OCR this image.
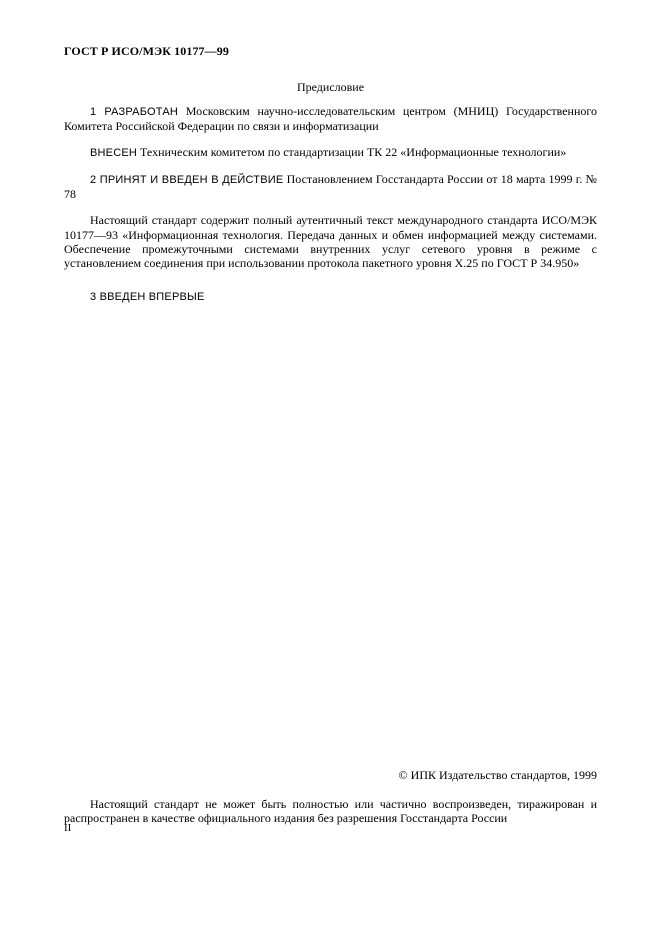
ГОСТ Р ИСО/МЭК 10177—99
Предисловие
1 РАЗРАБОТАН Московским научно-исследовательским центром (МНИЦ) Государственного Комитета Российской Федерации по связи и информатизации
ВНЕСЕН Техническим комитетом по стандартизации ТК 22 «Информационные технологии»
2 ПРИНЯТ И ВВЕДЕН В ДЕЙСТВИЕ Постановлением Госстандарта России от 18 марта 1999 г. № 78
Настоящий стандарт содержит полный аутентичный текст международного стандарта ИСО/МЭК 10177—93 «Информационная технология. Передача данных и обмен информацией между системами. Обеспечение промежуточными системами внутренних услуг сетевого уровня в режиме с установлением соединения при использовании протокола пакетного уровня Х.25 по ГОСТ Р 34.950»
3 ВВЕДЕН ВПЕРВЫЕ
© ИПК Издательство стандартов, 1999
Настоящий стандарт не может быть полностью или частично воспроизведен, тиражирован и распространен в качестве официального издания без разрешения Госстандарта России
II
